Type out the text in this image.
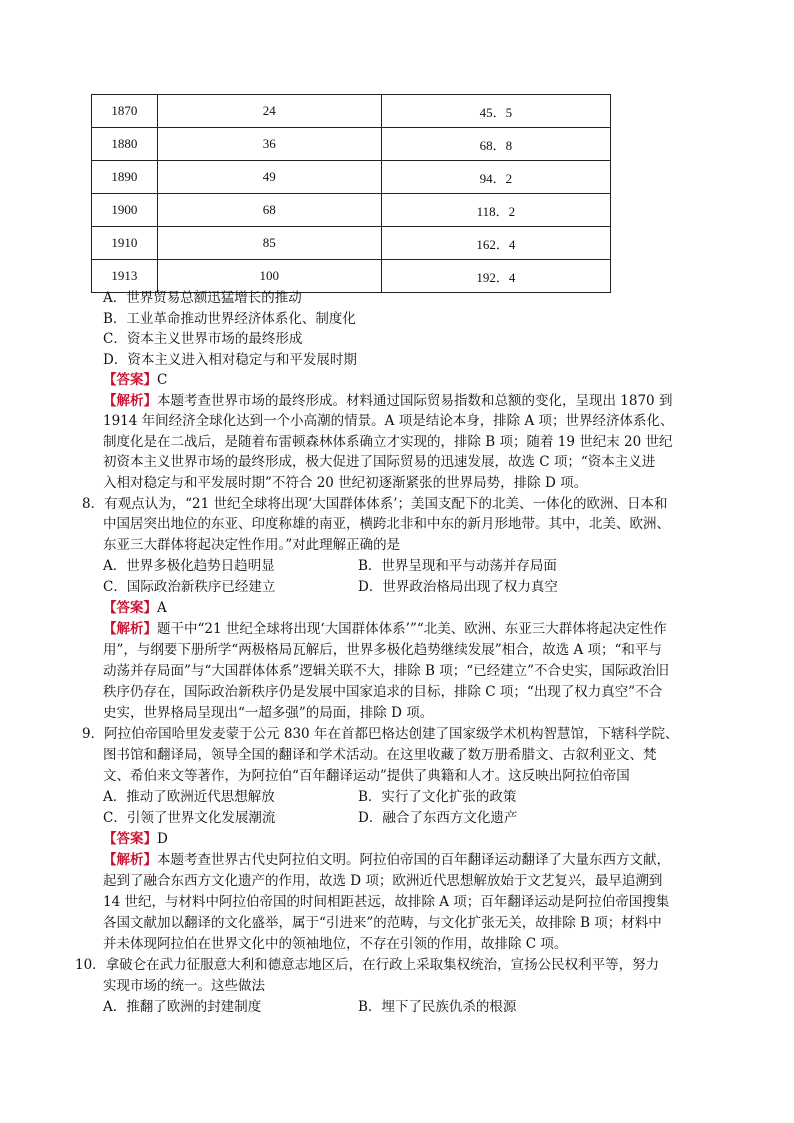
1870	24	45．5
1880	36	68．8
1890	49	94．2
1900	68	118．2
1910	85	162．4
1913	100	192．4
A．世界贸易总额迅猛增长的推动
B．工业革命推动世界经济体系化、制度化
C．资本主义世界市场的最终形成
D．资本主义进入相对稳定与和平发展时期
【答案】C
【解析】本题考查世界市场的最终形成。材料通过国际贸易指数和总额的变化，呈现出 1870 到
1914 年间经济全球化达到一个小高潮的情景。A 项是结论本身，排除 A 项；世界经济体系化、
制度化是在二战后，是随着布雷顿森林体系确立才实现的，排除 B 项；随着 19 世纪末 20 世纪
初资本主义世界市场的最终形成，极大促进了国际贸易的迅速发展，故选 C 项；“资本主义进
入相对稳定与和平发展时期”不符合 20 世纪初逐渐紧张的世界局势，排除 D 项。
8．有观点认为，“21 世纪全球将出现‘大国群体体系’；美国支配下的北美、一体化的欧洲、日本和
中国居突出地位的东亚、印度称雄的南亚，横跨北非和中东的新月形地带。其中，北美、欧洲、
东亚三大群体将起决定性作用。”对此理解正确的是
A．世界多极化趋势日趋明显	B．世界呈现和平与动荡并存局面
C．国际政治新秩序已经建立	D．世界政治格局出现了权力真空
【答案】A
【解析】题干中“21 世纪全球将出现‘大国群体体系’”“北美、欧洲、东亚三大群体将起决定性作
用”，与纲要下册所学“两极格局瓦解后，世界多极化趋势继续发展”相合，故选 A 项；“和平与
动荡并存局面”与“大国群体体系”逻辑关联不大，排除 B 项；“已经建立”不合史实，国际政治旧
秩序仍存在，国际政治新秩序仍是发展中国家追求的目标，排除 C 项；“出现了权力真空”不合
史实，世界格局呈现出“一超多强”的局面，排除 D 项。
9．阿拉伯帝国哈里发麦蒙于公元 830 年在首都巴格达创建了国家级学术机构智慧馆，下辖科学院、
图书馆和翻译局，领导全国的翻译和学术活动。在这里收藏了数万册希腊文、古叙利亚文、梵
文、希伯来文等著作，为阿拉伯“百年翻译运动”提供了典籍和人才。这反映出阿拉伯帝国
A．推动了欧洲近代思想解放	B．实行了文化扩张的政策
C．引领了世界文化发展潮流	D．融合了东西方文化遗产
【答案】D
【解析】本题考查世界古代史阿拉伯文明。阿拉伯帝国的百年翻译运动翻译了大量东西方文献，
起到了融合东西方文化遗产的作用，故选 D 项；欧洲近代思想解放始于文艺复兴，最早追溯到
14 世纪，与材料中阿拉伯帝国的时间相距甚远，故排除 A 项；百年翻译运动是阿拉伯帝国搜集
各国文献加以翻译的文化盛举，属于“引进来”的范畴，与文化扩张无关，故排除 B 项；材料中
并未体现阿拉伯在世界文化中的领袖地位，不存在引领的作用，故排除 C 项。
10．拿破仑在武力征服意大利和德意志地区后，在行政上采取集权统治，宣扬公民权利平等，努力
实现市场的统一。这些做法
A．推翻了欧洲的封建制度	B．埋下了民族仇杀的根源
